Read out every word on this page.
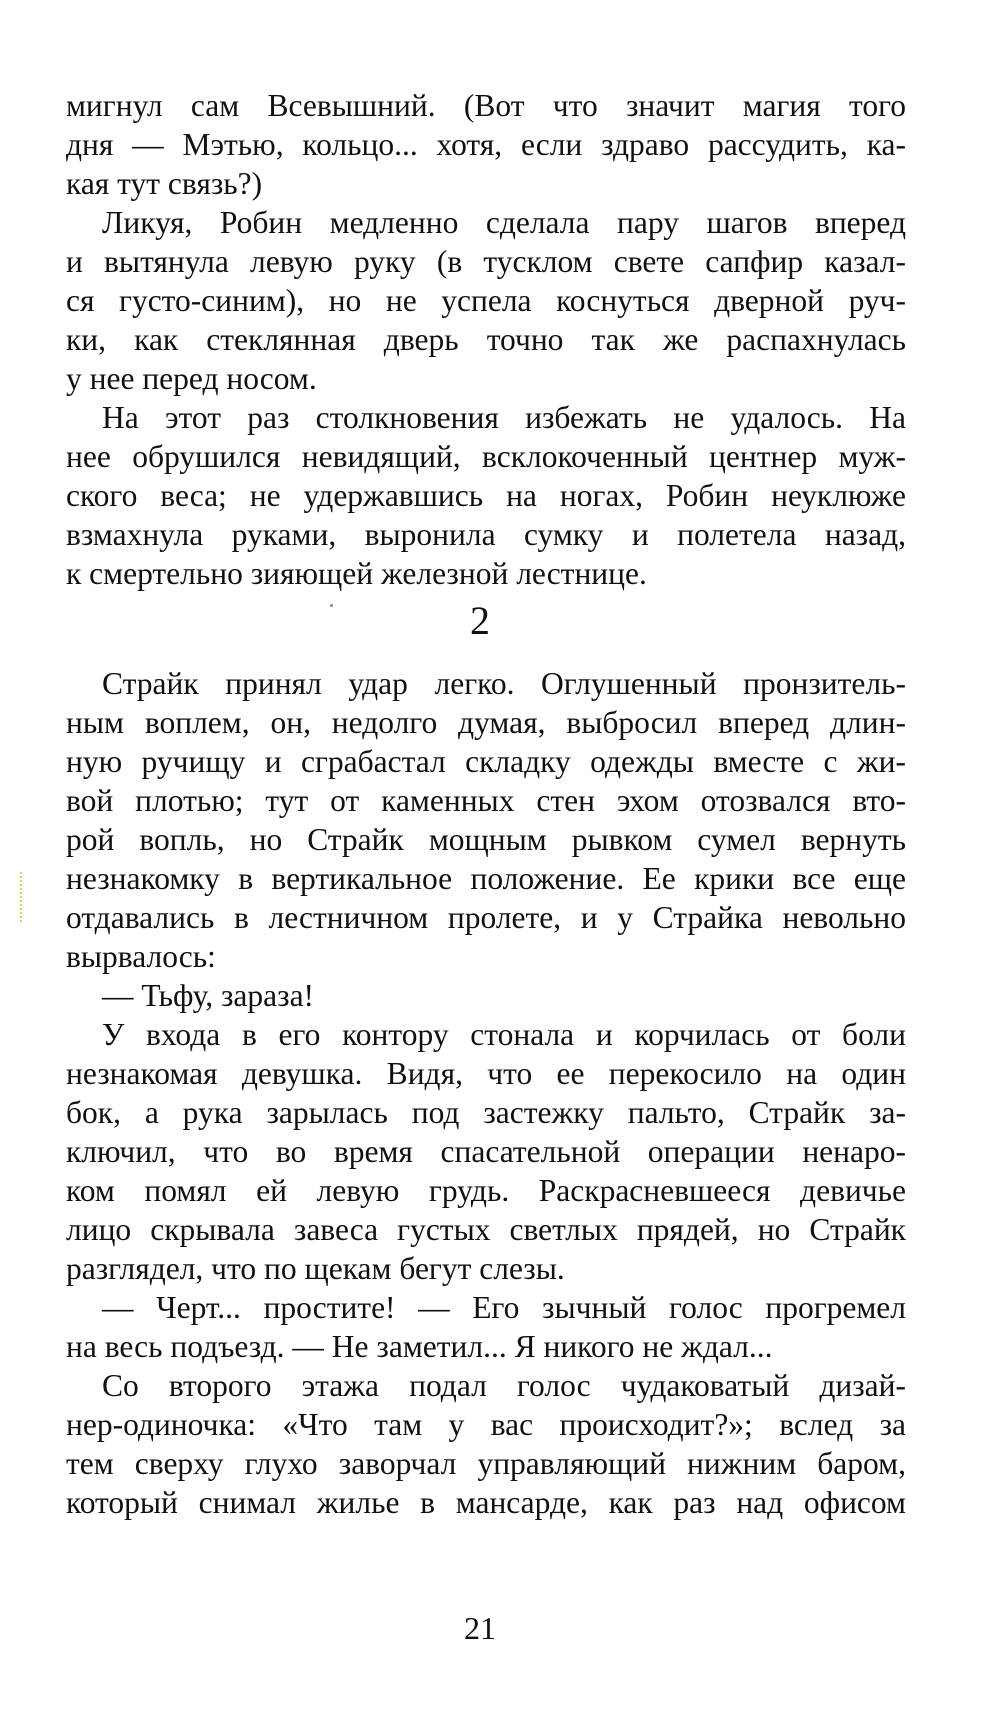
мигнул сам Всевышний. (Вот что значит магия того
дня — Мэтью, кольцо... хотя, если здраво рассудить, ка-
кая тут связь?)
Ликуя, Робин медленно сделала пару шагов вперед
и вытянула левую руку (в тусклом свете сапфир казал-
ся густо-синим), но не успела коснуться дверной руч-
ки, как стеклянная дверь точно так же распахнулась
у нее перед носом.
На этот раз столкновения избежать не удалось. На
нее обрушился невидящий, всклокоченный центнер муж-
ского веса; не удержавшись на ногах, Робин неуклюже
взмахнула руками, выронила сумку и полетела назад,
к смертельно зияющей железной лестнице.
2
Страйк принял удар легко. Оглушенный пронзитель-
ным воплем, он, недолго думая, выбросил вперед длин-
ную ручищу и сграбастал складку одежды вместе с жи-
вой плотью; тут от каменных стен эхом отозвался вто-
рой вопль, но Страйк мощным рывком сумел вернуть
незнакомку в вертикальное положение. Ее крики все еще
отдавались в лестничном пролете, и у Страйка невольно
вырвалось:
— Тьфу, зараза!
У входа в его контору стонала и корчилась от боли
незнакомая девушка. Видя, что ее перекосило на один
бок, а рука зарылась под застежку пальто, Страйк за-
ключил, что во время спасательной операции ненаро-
ком помял ей левую грудь. Раскрасневшееся девичье
лицо скрывала завеса густых светлых прядей, но Страйк
разглядел, что по щекам бегут слезы.
— Черт... простите! — Его зычный голос прогремел
на весь подъезд. — Не заметил... Я никого не ждал...
Со второго этажа подал голос чудаковатый дизай-
нер-одиночка: «Что там у вас происходит?»; вслед за
тем сверху глухо заворчал управляющий нижним баром,
который снимал жилье в мансарде, как раз над офисом
21
